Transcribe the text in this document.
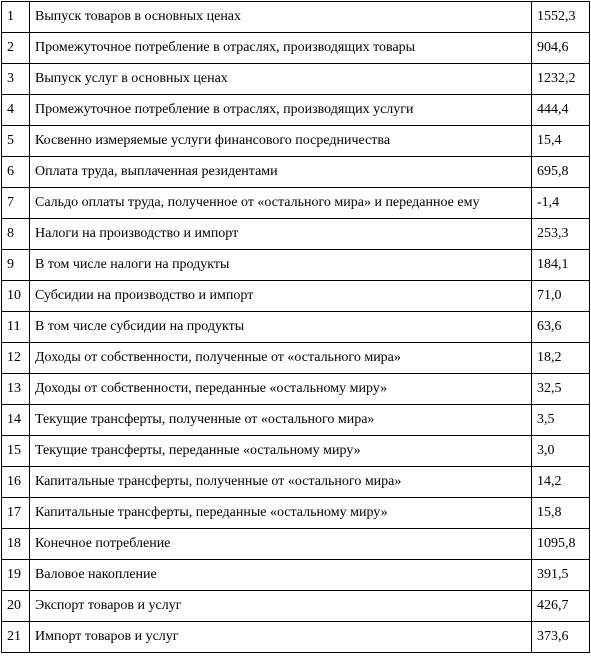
1	Выпуск товаров в основных ценах	1552,3
2	Промежуточное потребление в отраслях, производящих товары	904,6
3	Выпуск услуг в основных ценах	1232,2
4	Промежуточное потребление в отраслях, производящих услуги	444,4
5	Косвенно измеряемые услуги финансового посредничества	15,4
6	Оплата труда, выплаченная резидентами	695,8
7	Сальдо оплаты труда, полученное от «остального мира» и переданное ему	-1,4
8	Налоги на производство и импорт	253,3
9	В том числе налоги на продукты	184,1
10	Субсидии на производство и импорт	71,0
11	В том числе субсидии на продукты	63,6
12	Доходы от собственности, полученные от «остального мира»	18,2
13	Доходы от собственности, переданные «остальному миру»	32,5
14	Текущие трансферты, полученные от «остального мира»	3,5
15	Текущие трансферты, переданные «остальному миру»	3,0
16	Капитальные трансферты, полученные от «остального мира»	14,2
17	Капитальные трансферты, переданные «остальному миру»	15,8
18	Конечное потребление	1095,8
19	Валовое накопление	391,5
20	Экспорт товаров и услуг	426,7
21	Импорт товаров и услуг	373,6
